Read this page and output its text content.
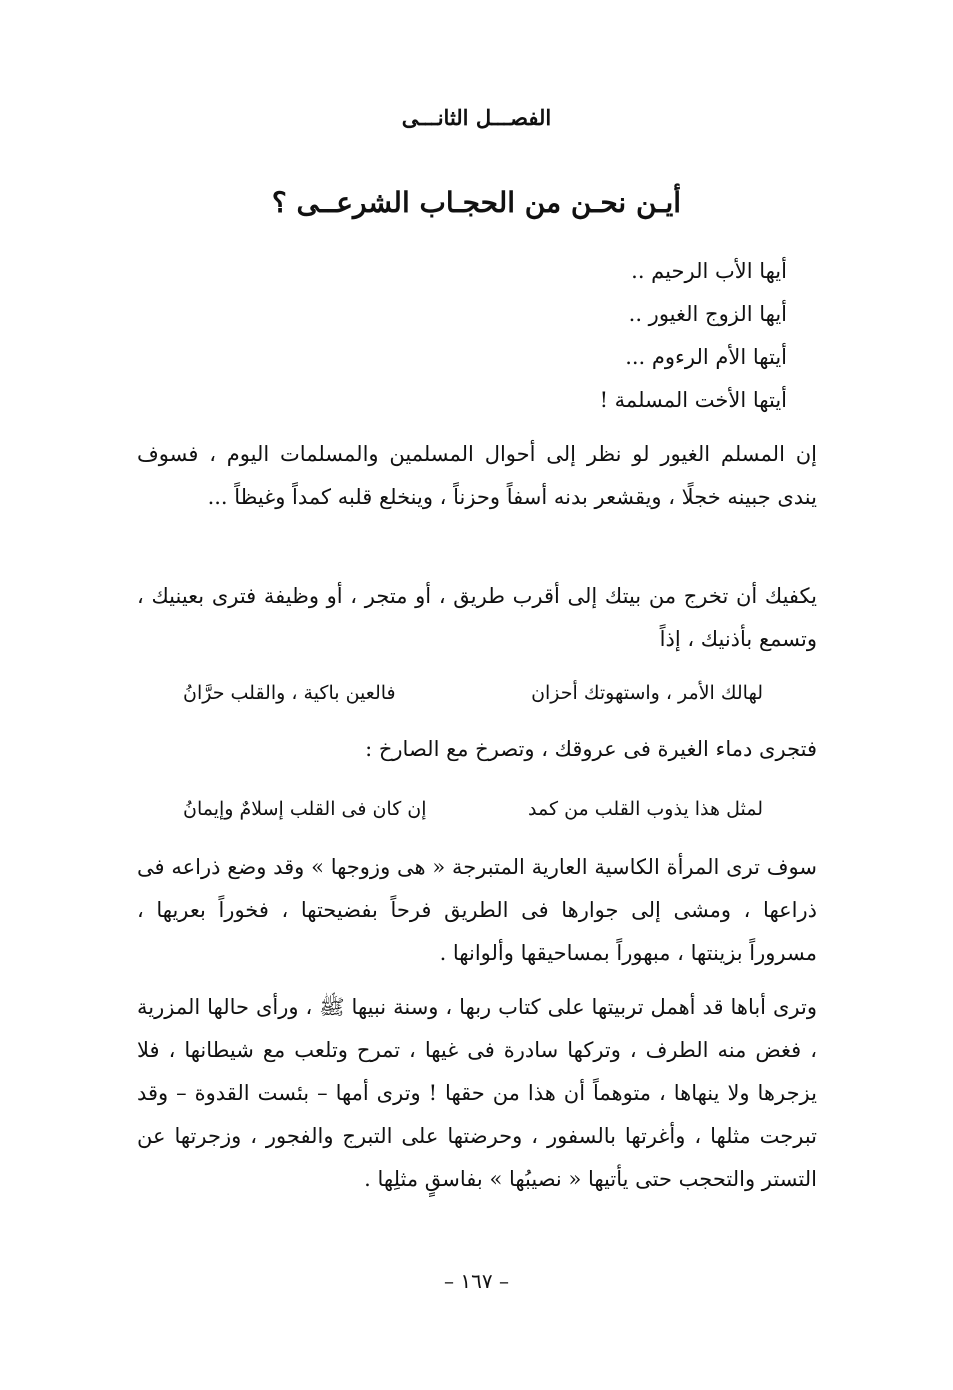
الفصـــل الثانـــى
أيـن نحـن من الحجـاب الشرعــى ؟
أيها الأب الرحيم ..
أيها الزوج الغيور ..
أيتها الأم الرءوم ...
أيتها الأخت المسلمة !
إن المسلم الغيور لو نظر إلى أحوال المسلمين والمسلمات اليوم ، فسوف يندى جبينه خجلًا ، ويقشعر بدنه أسفاً وحزناً ، وينخلع قلبه كمداً وغيظاً ...
يكفيك أن تخرج من بيتك إلى أقرب طريق ، أو متجر ، أو وظيفة فترى بعينيك ، وتسمع بأذنيك ، إذاً
لهالك الأمر ، واستهوتك أحزان
فالعين باكية ، والقلب حرَّانُ
فتجرى دماء الغيرة فى عروقك ، وتصرخ مع الصارخ :
لمثل هذا يذوب القلب من كمد
إن كان فى القلب إسلامٌ وإيمانُ
سوف ترى المرأة الكاسية العارية المتبرجة « هى وزوجها » وقد وضع ذراعه فى ذراعها ، ومشى إلى جوارها فى الطريق فرحاً بفضيحتها ، فخوراً بعريها ، مسروراً بزينتها ، مبهوراً بمساحيقها وألوانها .
وترى أباها قد أهمل تربيتها على كتاب ربها ، وسنة نبيها ﷺ ، ورأى حالها المزرية ، فغض منه الطرف ، وتركها سادرة فى غيها ، تمرح وتلعب مع شيطانها ، فلا يزجرها ولا ينهاها ، متوهماً أن هذا من حقها ! وترى أمها – بئست القدوة – وقد تبرجت مثلها ، وأغرتها بالسفور ، وحرضتها على التبرج والفجور ، وزجرتها عن التستر والتحجب حتى يأتيها « نصيبُها » بفاسقٍ مثلِها .
– ١٦٧ –
